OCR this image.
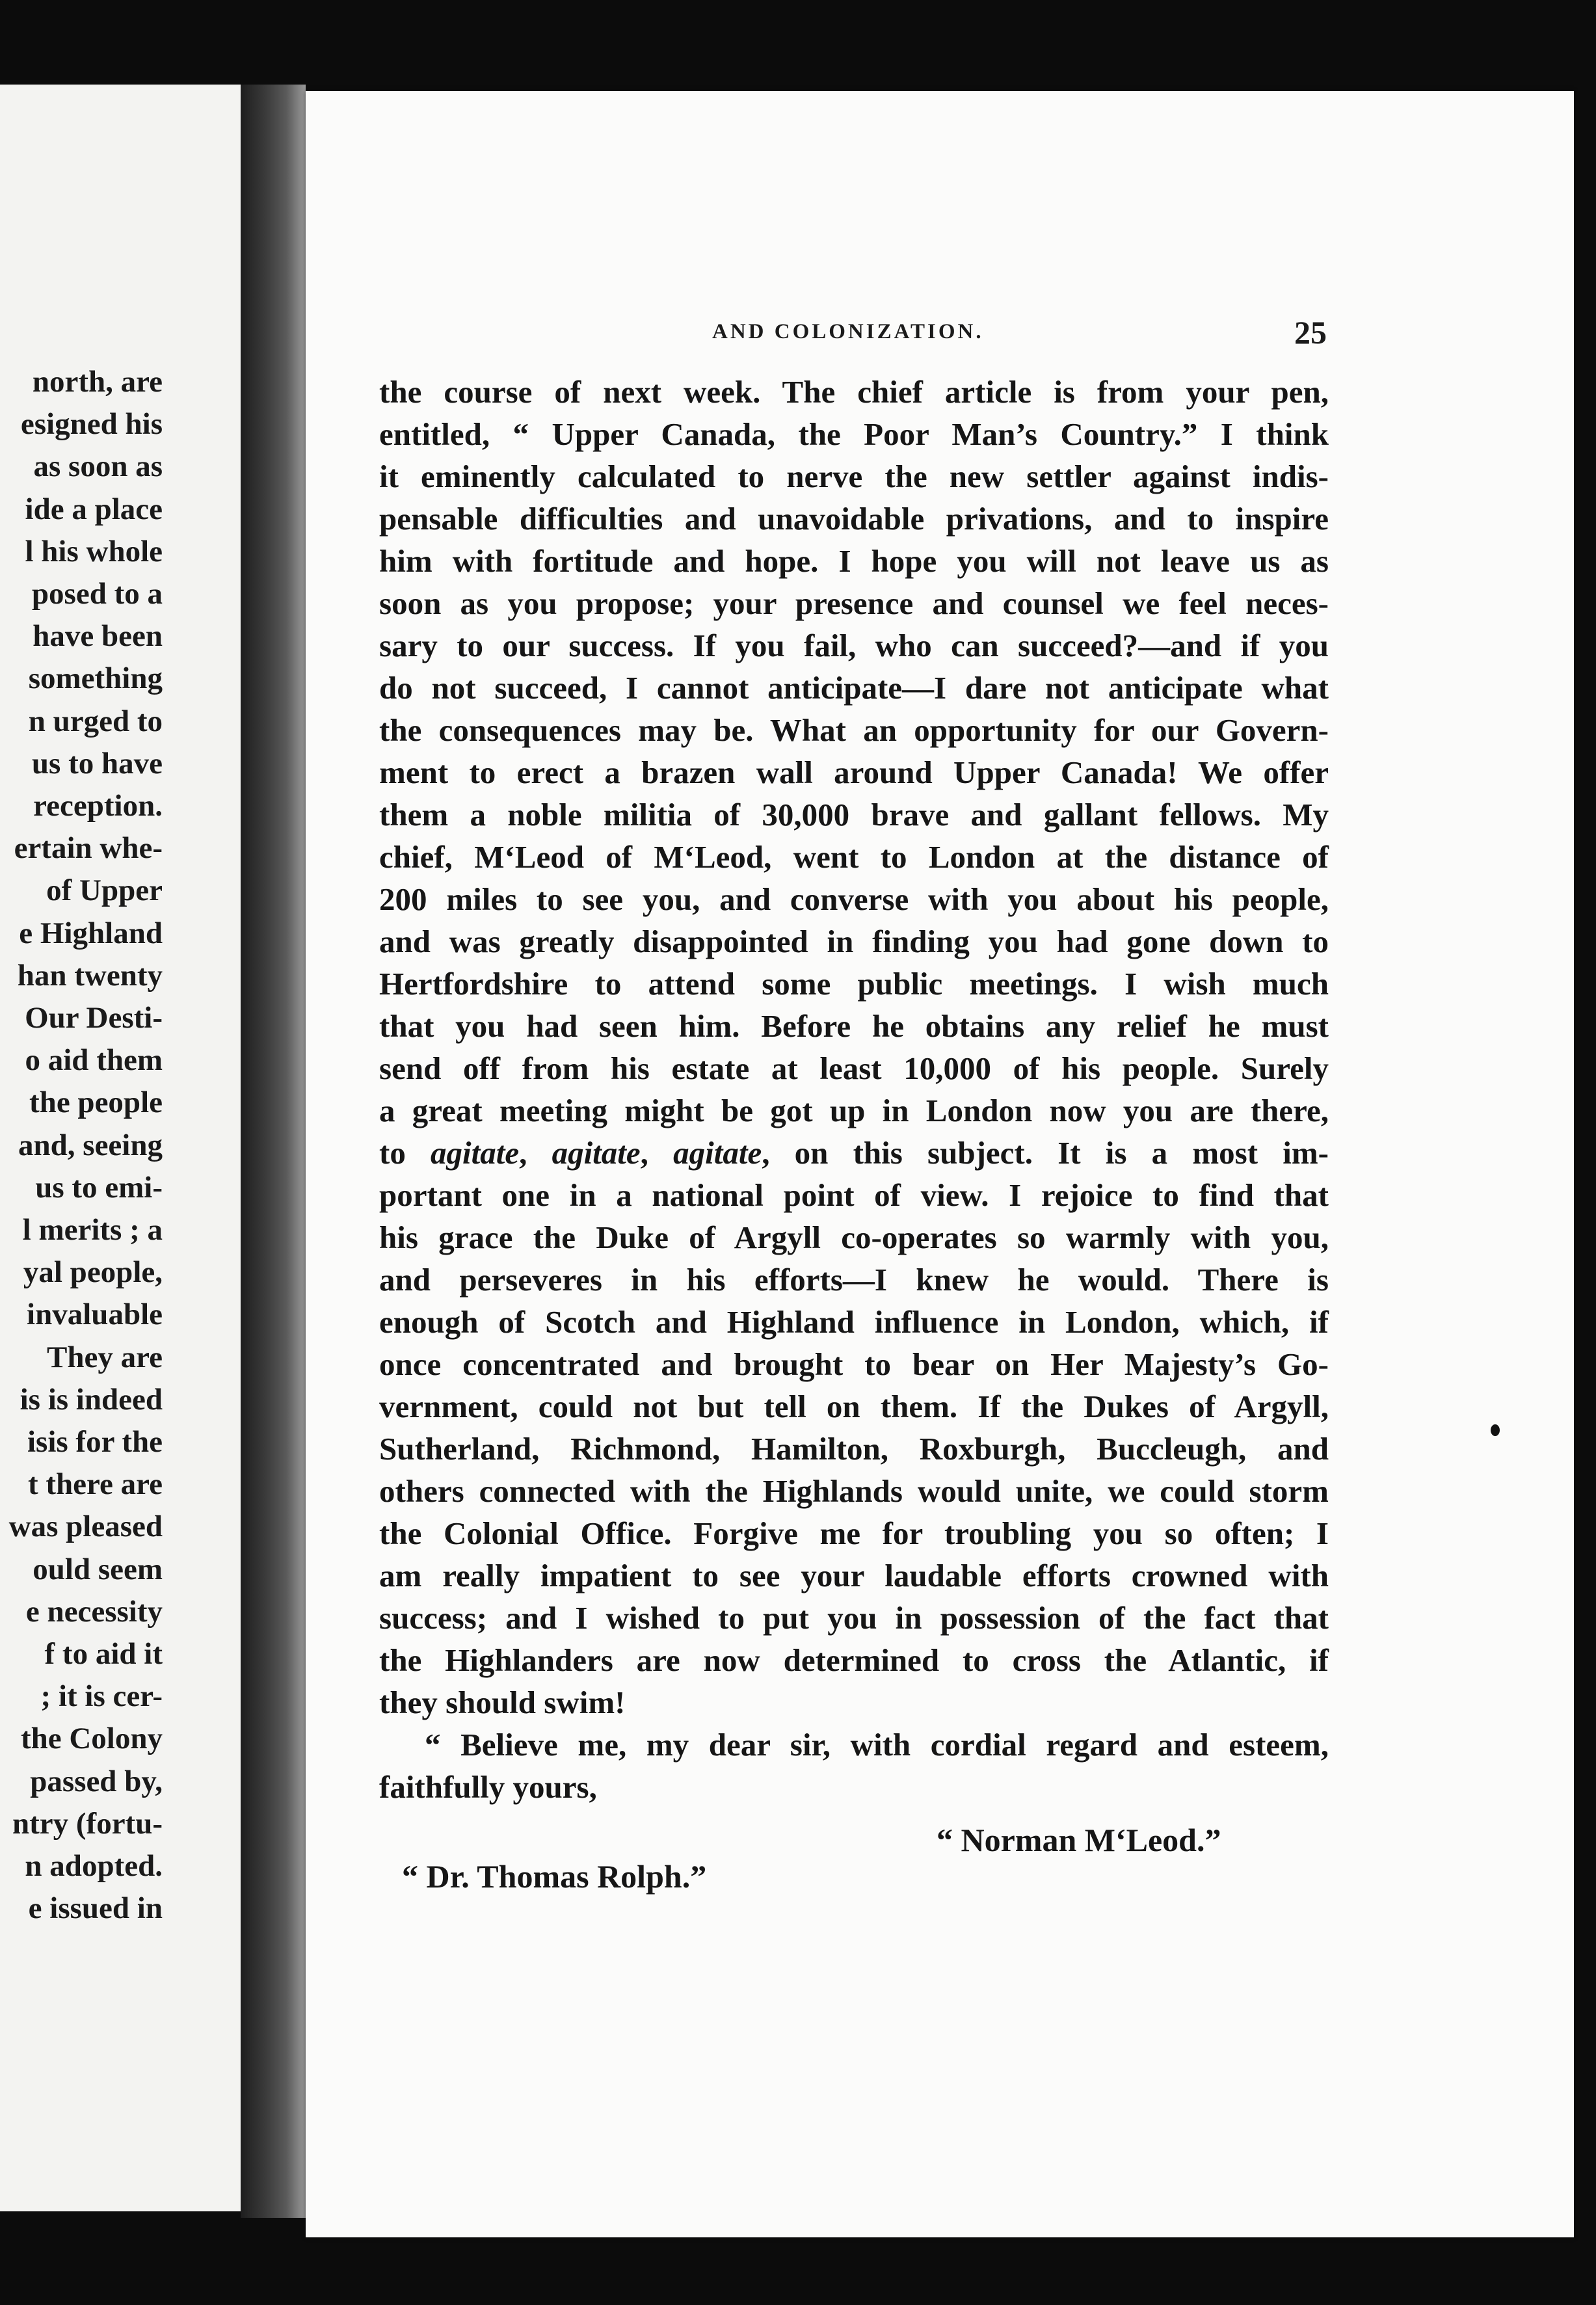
north, are
esigned his
as soon as
ide a place
l his whole
posed to a
have been
something
n urged to
us to have
reception.
ertain whe-
of Upper
e Highland
han twenty
Our Desti-
o aid them
the people
and, seeing
us to emi-
l merits ; a
yal people,
invaluable
They are
is is indeed
isis for the
t there are
was pleased
ould seem
e necessity
f to aid it
; it is cer-
the Colony
passed by,
ntry (fortu-
n adopted.
e issued in
AND COLONIZATION.	25
the course of next week. The chief article is from your pen,
entitled, “ Upper Canada, the Poor Man’s Country.” I think
it eminently calculated to nerve the new settler against indis-
pensable difficulties and unavoidable privations, and to inspire
him with fortitude and hope. I hope you will not leave us as
soon as you propose; your presence and counsel we feel neces-
sary to our success. If you fail, who can succeed?—and if you
do not succeed, I cannot anticipate—I dare not anticipate what
the consequences may be. What an opportunity for our Govern-
ment to erect a brazen wall around Upper Canada! We offer
them a noble militia of 30,000 brave and gallant fellows. My
chief, M‘Leod of M‘Leod, went to London at the distance of
200 miles to see you, and converse with you about his people,
and was greatly disappointed in finding you had gone down to
Hertfordshire to attend some public meetings. I wish much
that you had seen him. Before he obtains any relief he must
send off from his estate at least 10,000 of his people. Surely
a great meeting might be got up in London now you are there,
to agitate, agitate, agitate, on this subject. It is a most im-
portant one in a national point of view. I rejoice to find that
his grace the Duke of Argyll co-operates so warmly with you,
and perseveres in his efforts—I knew he would. There is
enough of Scotch and Highland influence in London, which, if
once concentrated and brought to bear on Her Majesty’s Go-
vernment, could not but tell on them. If the Dukes of Argyll,
Sutherland, Richmond, Hamilton, Roxburgh, Buccleugh, and
others connected with the Highlands would unite, we could storm
the Colonial Office. Forgive me for troubling you so often; I
am really impatient to see your laudable efforts crowned with
success; and I wished to put you in possession of the fact that
the Highlanders are now determined to cross the Atlantic, if
they should swim!
“ Believe me, my dear sir, with cordial regard and esteem,
faithfully yours,
“ Norman M‘Leod.”
“ Dr. Thomas Rolph.”
